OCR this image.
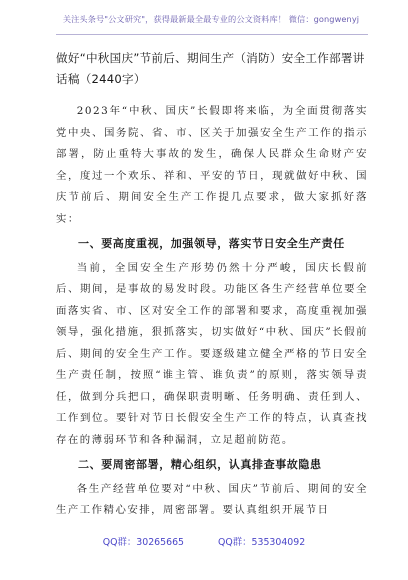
关注头条号"公文研究"，获得最新最全最专业的公文资料库！ 微信：gongwenyj
做好“中秋国庆”节前后、期间生产（消防）安全工作部署讲话稿（2440字）

2023年“中秋、国庆”长假即将来临，为全面贯彻落实党中央、国务院、省、市、区关于加强安全生产工作的指示部署，防止重特大事故的发生，确保人民群众生命财产安全，度过一个欢乐、祥和、平安的节日，现就做好中秋、国庆节前后、期间安全生产工作提几点要求，做大家抓好落实：

一、要高度重视，加强领导，落实节日安全生产责任

当前，全国安全生产形势仍然十分严峻，国庆长假前后、期间，是事故的易发时段。功能区各生产经营单位要全面落实省、市、区对安全工作的部署和要求，高度重视加强领导，强化措施，狠抓落实，切实做好“中秋、国庆”长假前后、期间的安全生产工作。要逐级建立健全严格的节日安全生产责任制，按照“谁主管、谁负责”的原则，落实领导责任，做到分兵把口，确保职责明晰、任务明确、责任到人、工作到位。要针对节日长假安全生产工作的特点，认真查找存在的薄弱环节和各种漏洞，立足超前防范。

二、要周密部署，精心组织，认真排查事故隐患

各生产经营单位要对“中秋、国庆”节前后、期间的安全生产工作精心安排，周密部署。要认真组织开展节日

QQ群：30265665	QQ群：535304092
